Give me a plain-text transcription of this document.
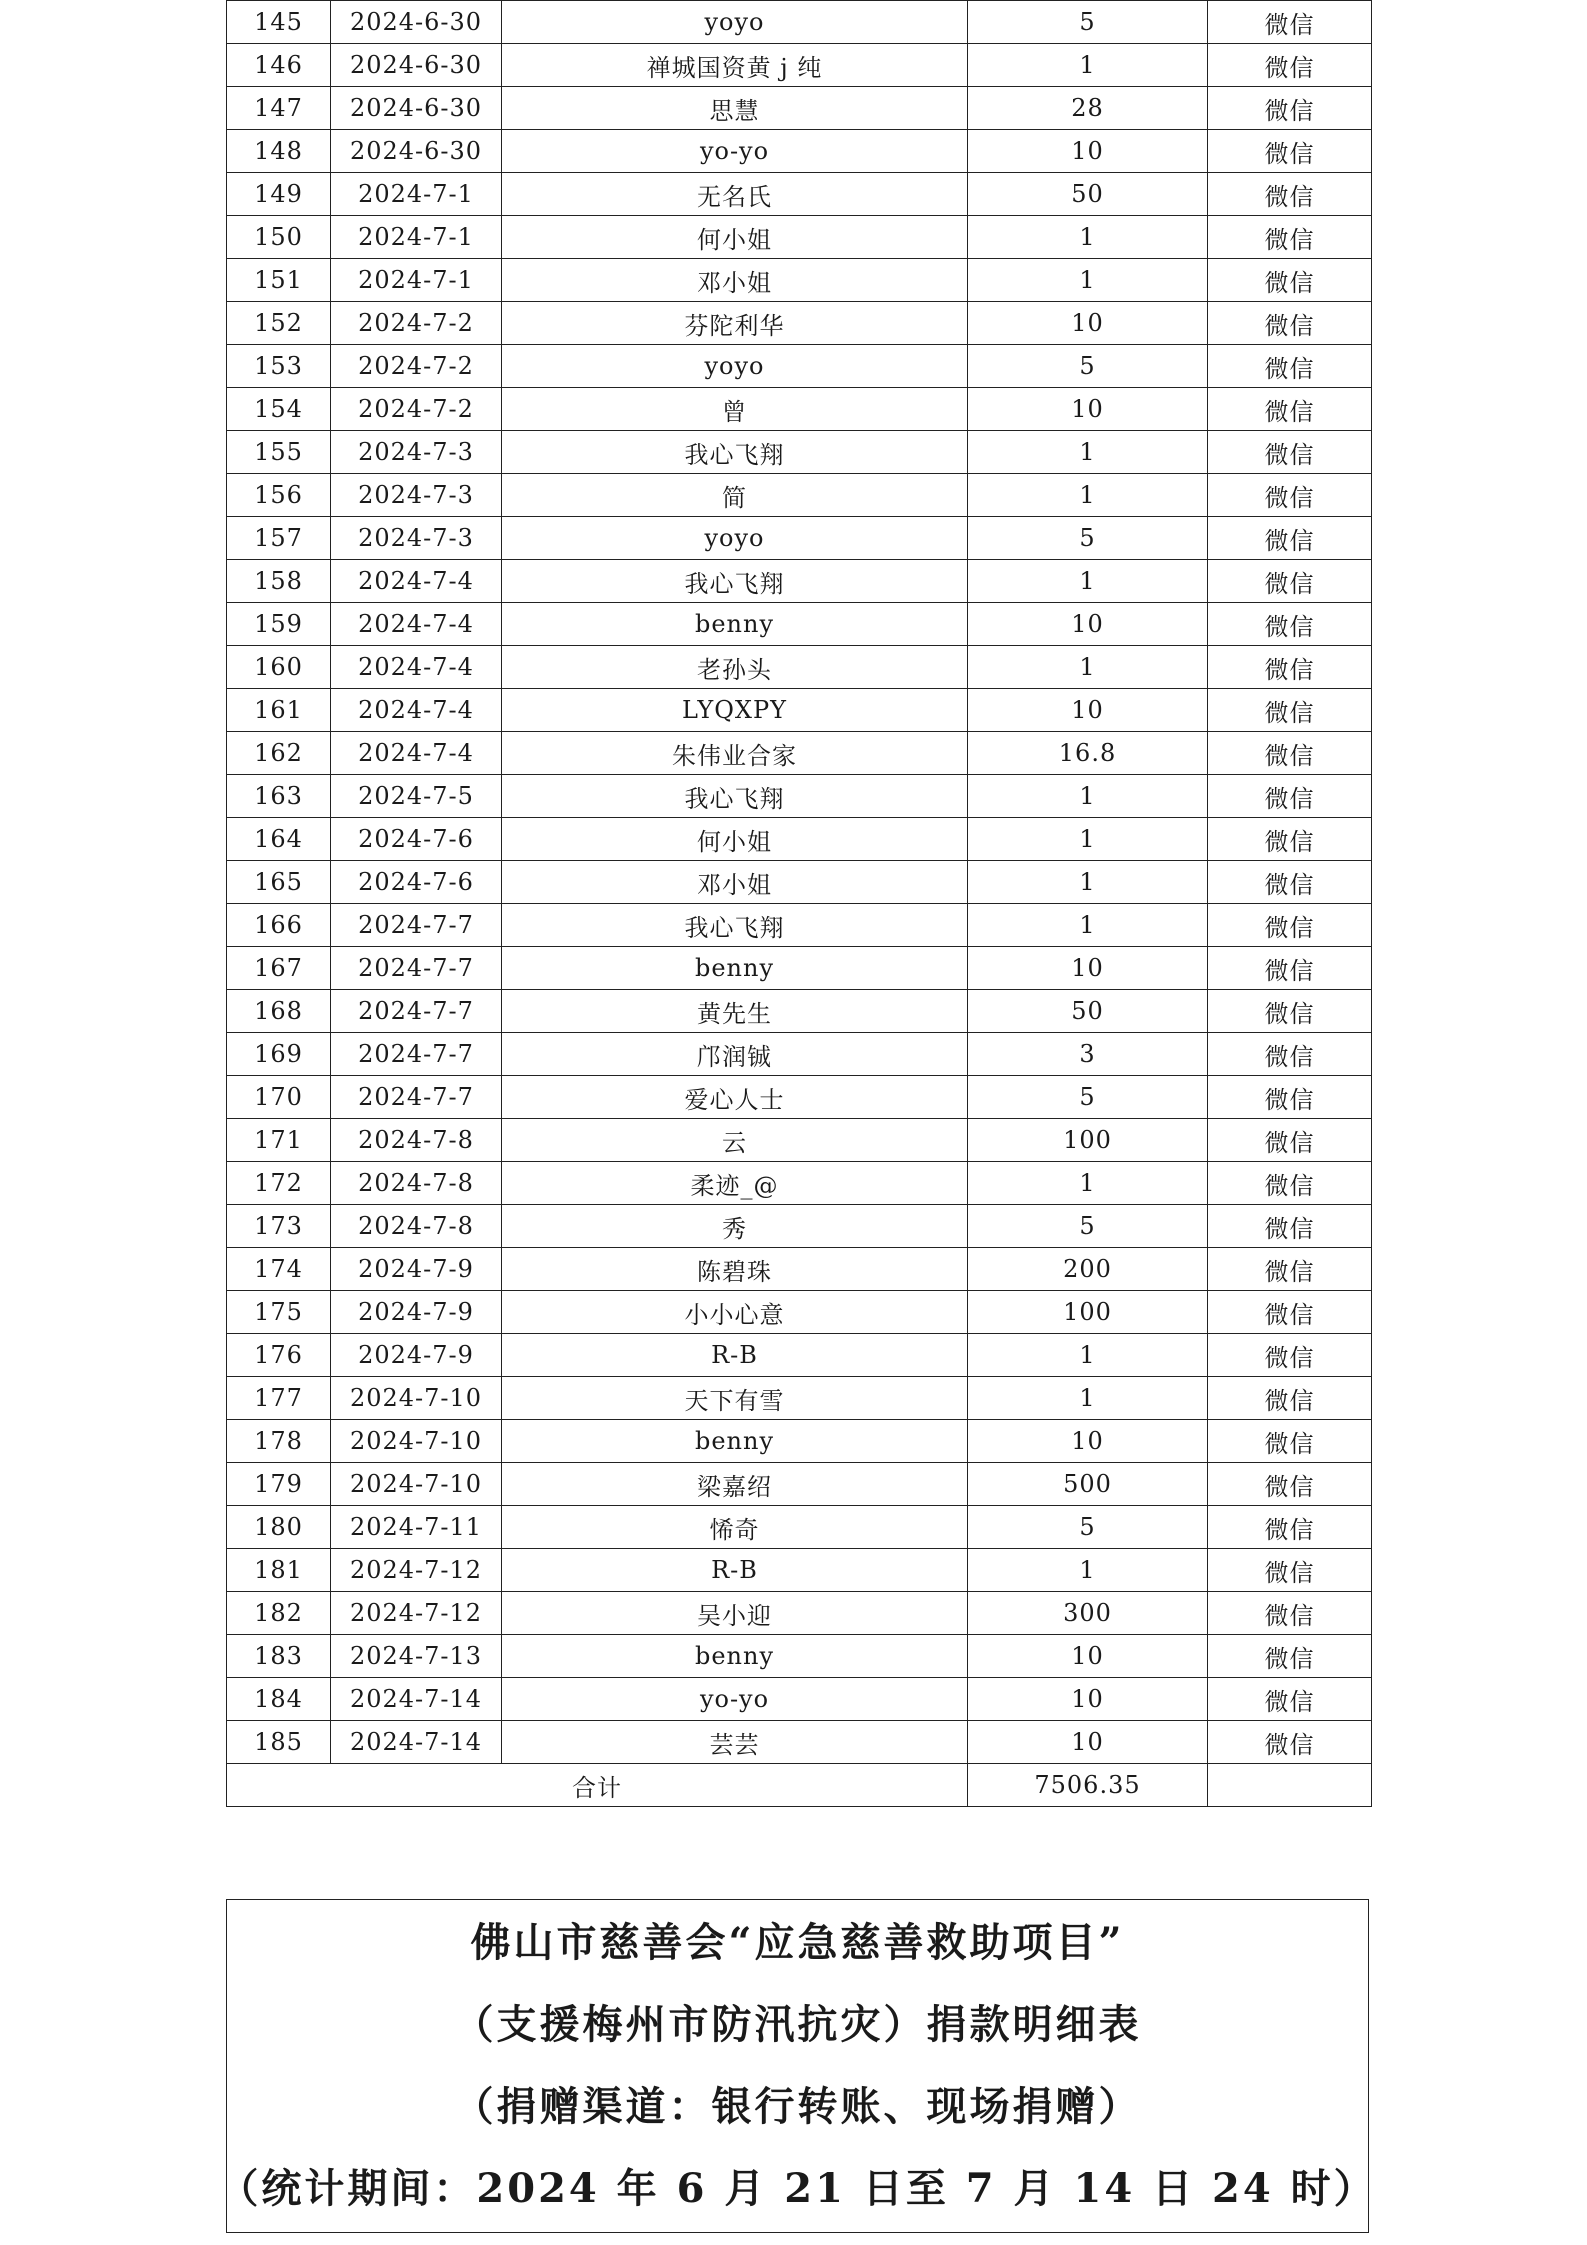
145	2024-6-30	yoyo	5	微信
146	2024-6-30	禅城国资黄 j 纯	1	微信
147	2024-6-30	思慧	28	微信
148	2024-6-30	yo-yo	10	微信
149	2024-7-1	无名氏	50	微信
150	2024-7-1	何小姐	1	微信
151	2024-7-1	邓小姐	1	微信
152	2024-7-2	芬陀利华	10	微信
153	2024-7-2	yoyo	5	微信
154	2024-7-2	曾	10	微信
155	2024-7-3	我心飞翔	1	微信
156	2024-7-3	简	1	微信
157	2024-7-3	yoyo	5	微信
158	2024-7-4	我心飞翔	1	微信
159	2024-7-4	benny	10	微信
160	2024-7-4	老孙头	1	微信
161	2024-7-4	LYQXPY	10	微信
162	2024-7-4	朱伟业合家	16.8	微信
163	2024-7-5	我心飞翔	1	微信
164	2024-7-6	何小姐	1	微信
165	2024-7-6	邓小姐	1	微信
166	2024-7-7	我心飞翔	1	微信
167	2024-7-7	benny	10	微信
168	2024-7-7	黄先生	50	微信
169	2024-7-7	邝润铖	3	微信
170	2024-7-7	爱心人士	5	微信
171	2024-7-8	云	100	微信
172	2024-7-8	柔迹_@	1	微信
173	2024-7-8	秀	5	微信
174	2024-7-9	陈碧珠	200	微信
175	2024-7-9	小小心意	100	微信
176	2024-7-9	R-B	1	微信
177	2024-7-10	天下有雪	1	微信
178	2024-7-10	benny	10	微信
179	2024-7-10	梁嘉绍	500	微信
180	2024-7-11	悕奇	5	微信
181	2024-7-12	R-B	1	微信
182	2024-7-12	吴小迎	300	微信
183	2024-7-13	benny	10	微信
184	2024-7-14	yo-yo	10	微信
185	2024-7-14	芸芸	10	微信
合计			7506.35	
佛山市慈善会“应急慈善救助项目”
（支援梅州市防汛抗灾）捐款明细表
（捐赠渠道：银行转账、现场捐赠）
（统计期间：2024 年 6 月 21 日至 7 月 14 日 24 时）
